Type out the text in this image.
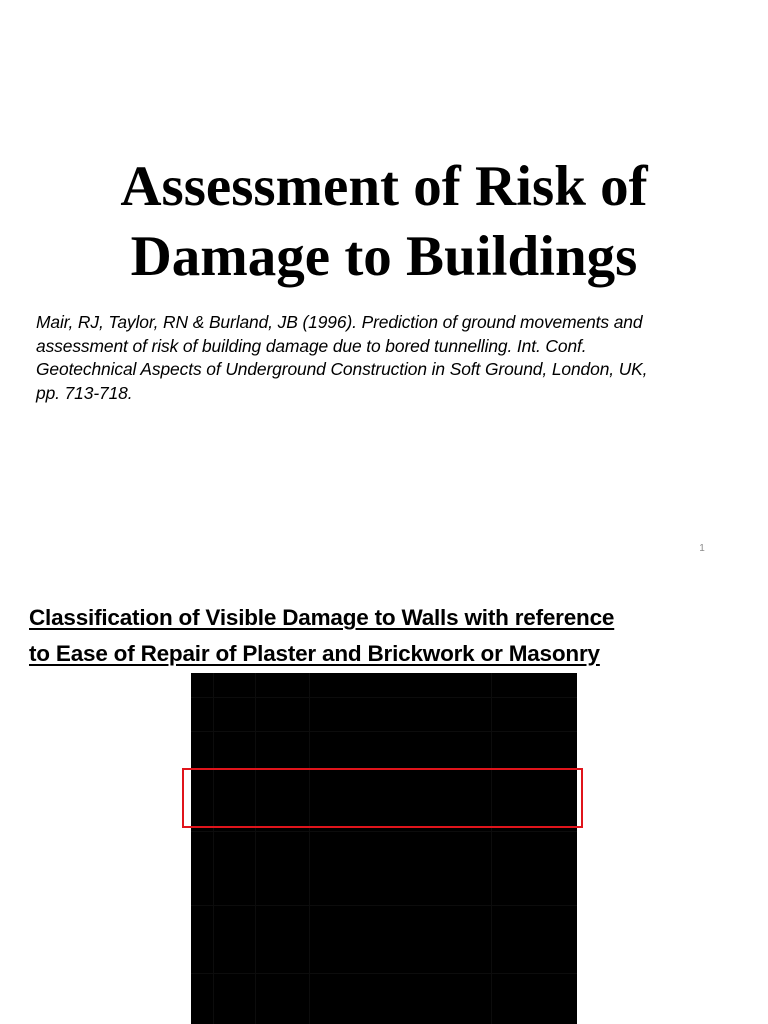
Assessment of Risk of
Damage to Buildings
Mair, RJ, Taylor, RN & Burland, JB (1996). Prediction of ground movements and
assessment of risk of building damage due to bored tunnelling. Int. Conf.
Geotechnical Aspects of Underground Construction in Soft Ground, London, UK,
pp. 713-718.
1
Classification of Visible Damage to Walls with reference
to Ease of Repair of Plaster and Brickwork or Masonry
